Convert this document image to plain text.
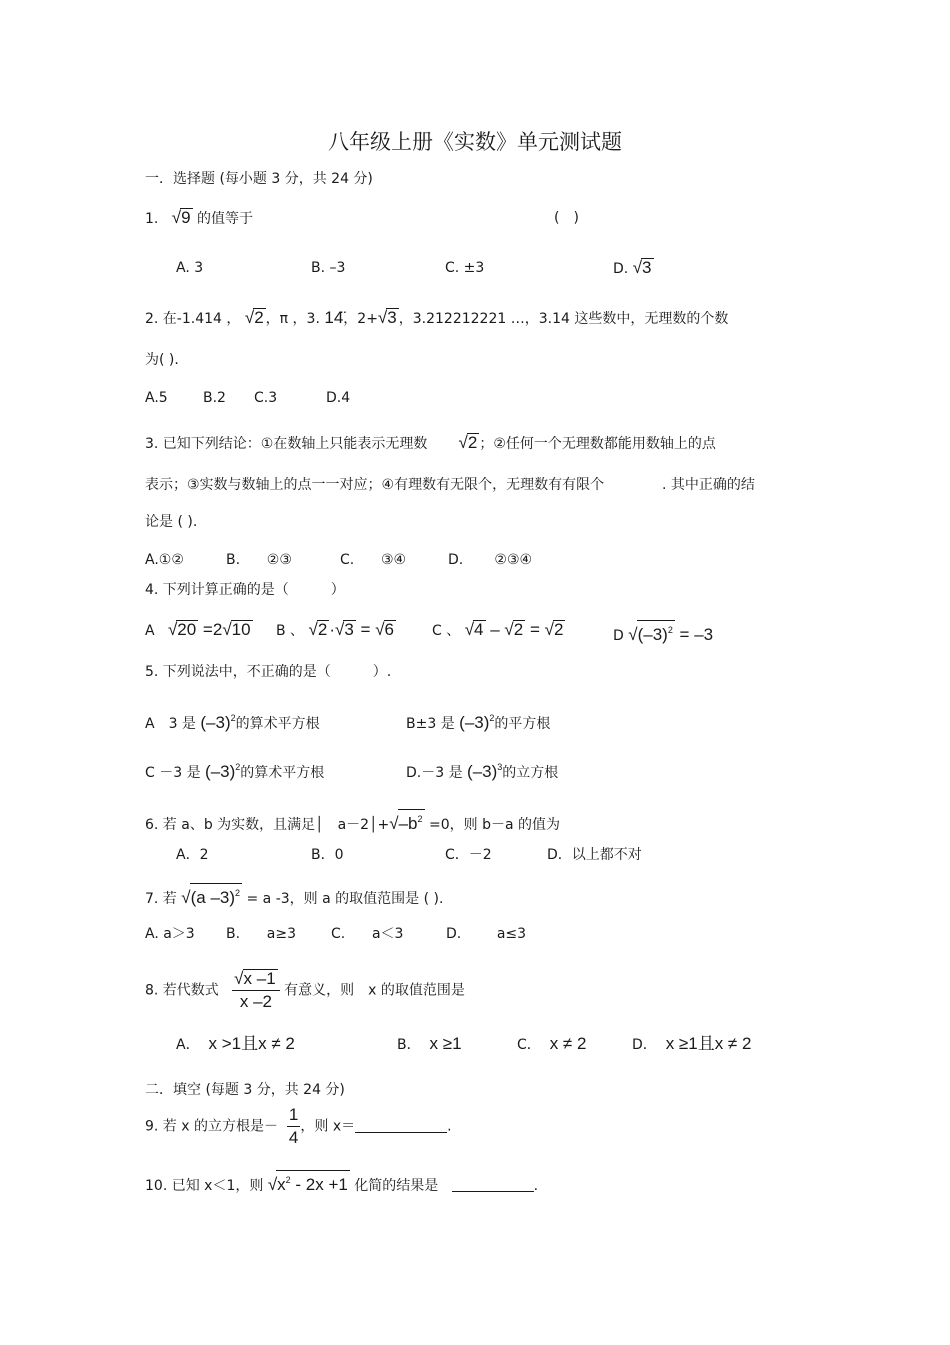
八年级上册《实数》单元测试题
一．选择题 (每小题 3 分，共 24 分)
1. √9 的值等于	(　)
A. 3	B. –3	C. ±3	D. √3
2. 在-1.414 ， √2 ，π ，3. 14̈，2+√3 ，3.212212221 …，3.14 这些数中，无理数的个数
为( ).
A.5	B.2 C.3	D.4
3. 已知下列结论：①在数轴上只能表示无理数 √2 ；②任何一个无理数都能用数轴上的点
表示；③实数与数轴上的点一一对应；④有理数有无限个，无理数有有限个	. 其中正确的结
论是 ( ).
A.①②	B. ②③	C. ③④	D. ②③④
4. 下列计算正确的是（　　　）
A √20 =2√10 B 、 √2 ·√3 = √6	C 、 √4 – √2 = √2	D $√(-3)^2 = -3$
5. 下列说法中，不正确的是（　　　）.
A　3 是 $(-3)^2$的算术平方根	B±3 是 $(-3)^2$的平方根
C －3 是 $(-3)^2$的算术平方根	D.－3 是 $(-3)^3$的立方根
6. 若 a、b 为实数，且满足│　$a-2│+√-b^2 =0$，则 b－a 的值为
A．2	B．0	C．－2	D．以上都不对
7. 若 √(a –3)$^2$ = a -3，则 a 的取值范围是 ( ).
A. a＞3 B. a≥3	C. a＜3	D.	a≤3
8. 若代数式 $\frac{√x -1}{x -2}$ 有意义，则　x 的取值范围是
A． x >1且x ≠ 2	B． x ≥1	C． x ≠ 2	D． x ≥1且x ≠ 2
二．填空 (每题 3 分，共 24 分)
9. 若 x 的立方根是－ $\frac{1}{4}$ ，则 x＝	.
10. 已知 x＜1，则 $√x^2 - 2x +1$ 化简的结果是	.
